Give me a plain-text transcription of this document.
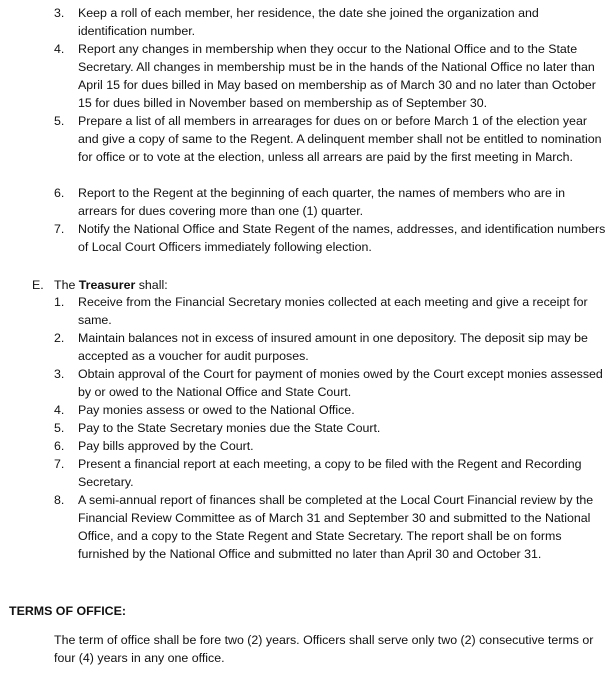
3.	Keep a roll of each member, her residence, the date she joined the organization and identification number.
4.	Report any changes in membership when they occur to the National Office and to the State Secretary. All changes in membership must be in the hands of the National Office no later than April 15 for dues billed in May based on membership as of March 30 and no later than October 15 for dues billed in November based on membership as of September 30.
5.	Prepare a list of all members in arrearages for dues on or before March 1 of the election year and give a copy of same to the Regent. A delinquent member shall not be entitled to nomination for office or to vote at the election, unless all arrears are paid by the first meeting in March.
6.	Report to the Regent at the beginning of each quarter, the names of members who are in arrears for dues covering more than one (1) quarter.
7.	Notify the National Office and State Regent of the names, addresses, and identification numbers of Local Court Officers immediately following election.
E. The Treasurer shall:
1.	Receive from the Financial Secretary monies collected at each meeting and give a receipt for same.
2.	Maintain balances not in excess of insured amount in one depository. The deposit sip may be accepted as a voucher for audit purposes.
3.	Obtain approval of the Court for payment of monies owed by the Court except monies assessed by or owed to the National Office and State Court.
4.	Pay monies assess or owed to the National Office.
5.	Pay to the State Secretary monies due the State Court.
6.	Pay bills approved by the Court.
7.	Present a financial report at each meeting, a copy to be filed with the Regent and Recording Secretary.
8.	A semi-annual report of finances shall be completed at the Local Court Financial review by the Financial Review Committee as of March 31 and September 30 and submitted to the National Office, and a copy to the State Regent and State Secretary. The report shall be on forms furnished by the National Office and submitted no later than April 30 and October 31.
TERMS OF OFFICE:
The term of office shall be fore two (2) years. Officers shall serve only two (2) consecutive terms or four (4) years in any one office.
